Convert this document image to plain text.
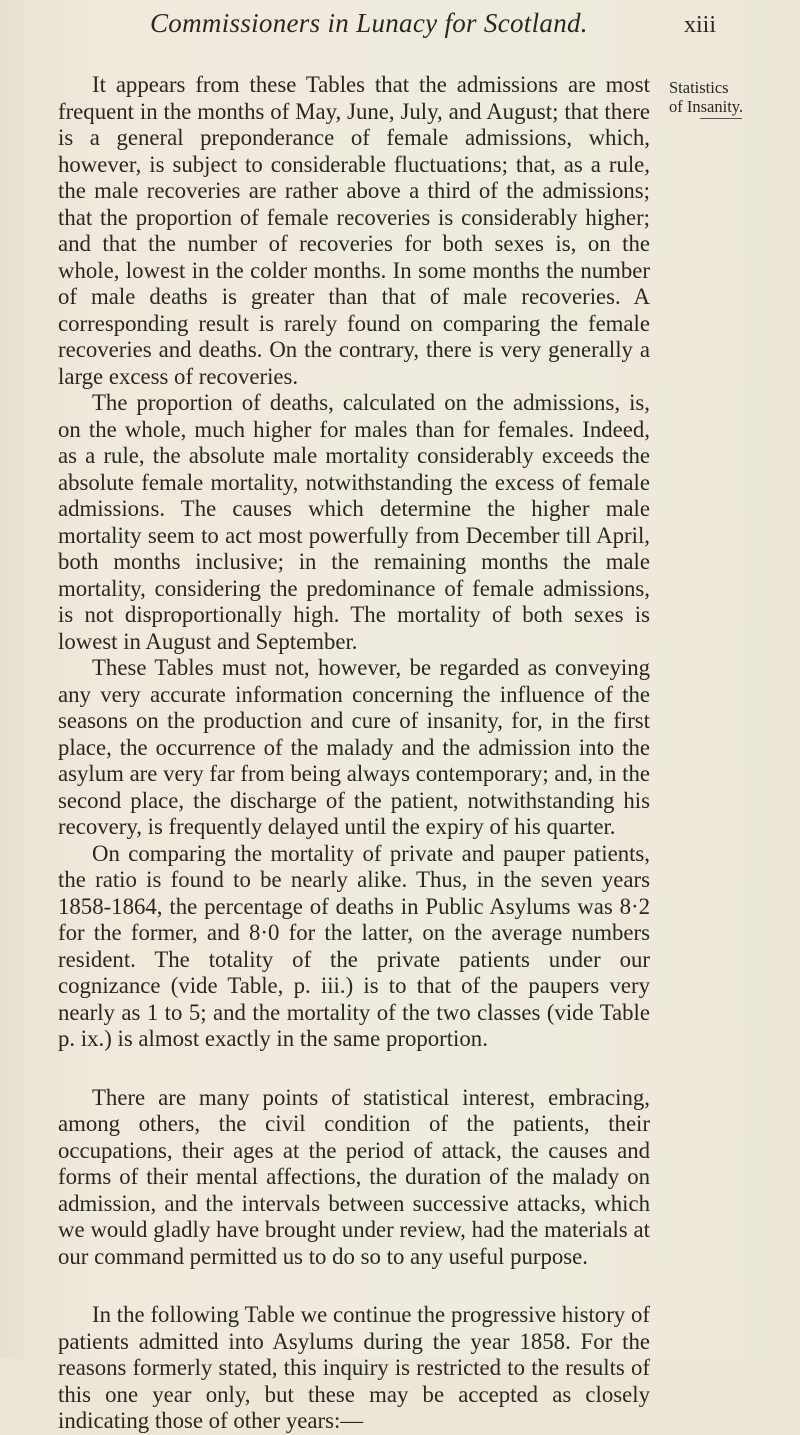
Commissioners in Lunacy for Scotland.	xiii
Statistics
of Insanity.

It appears from these Tables that the admissions are most frequent in the months of May, June, July, and August; that there is a general preponderance of female admissions, which, however, is subject to considerable fluctuations; that, as a rule, the male recoveries are rather above a third of the admissions; that the proportion of female recoveries is considerably higher; and that the number of recoveries for both sexes is, on the whole, lowest in the colder months. In some months the number of male deaths is greater than that of male recoveries. A corresponding result is rarely found on comparing the female recoveries and deaths. On the contrary, there is very generally a large excess of recoveries.

The proportion of deaths, calculated on the admissions, is, on the whole, much higher for males than for females. Indeed, as a rule, the absolute male mortality considerably exceeds the absolute female mortality, notwithstanding the excess of female admissions. The causes which determine the higher male mortality seem to act most powerfully from December till April, both months inclusive; in the remaining months the male mortality, considering the predominance of female admissions, is not disproportionally high. The mortality of both sexes is lowest in August and September.

These Tables must not, however, be regarded as conveying any very accurate information concerning the influence of the seasons on the production and cure of insanity, for, in the first place, the occurrence of the malady and the admission into the asylum are very far from being always contemporary; and, in the second place, the discharge of the patient, notwithstanding his recovery, is frequently delayed until the expiry of his quarter.

On comparing the mortality of private and pauper patients, the ratio is found to be nearly alike. Thus, in the seven years 1858-1864, the percentage of deaths in Public Asylums was 8·2 for the former, and 8·0 for the latter, on the average numbers resident. The totality of the private patients under our cognizance (vide Table, p. iii.) is to that of the paupers very nearly as 1 to 5; and the mortality of the two classes (vide Table p. ix.) is almost exactly in the same proportion.

There are many points of statistical interest, embracing, among others, the civil condition of the patients, their occupations, their ages at the period of attack, the causes and forms of their mental affections, the duration of the malady on admission, and the intervals between successive attacks, which we would gladly have brought under review, had the materials at our command permitted us to do so to any useful purpose.

In the following Table we continue the progressive history of patients admitted into Asylums during the year 1858. For the reasons formerly stated, this inquiry is restricted to the results of this one year only, but these may be accepted as closely indicating those of other years:—
